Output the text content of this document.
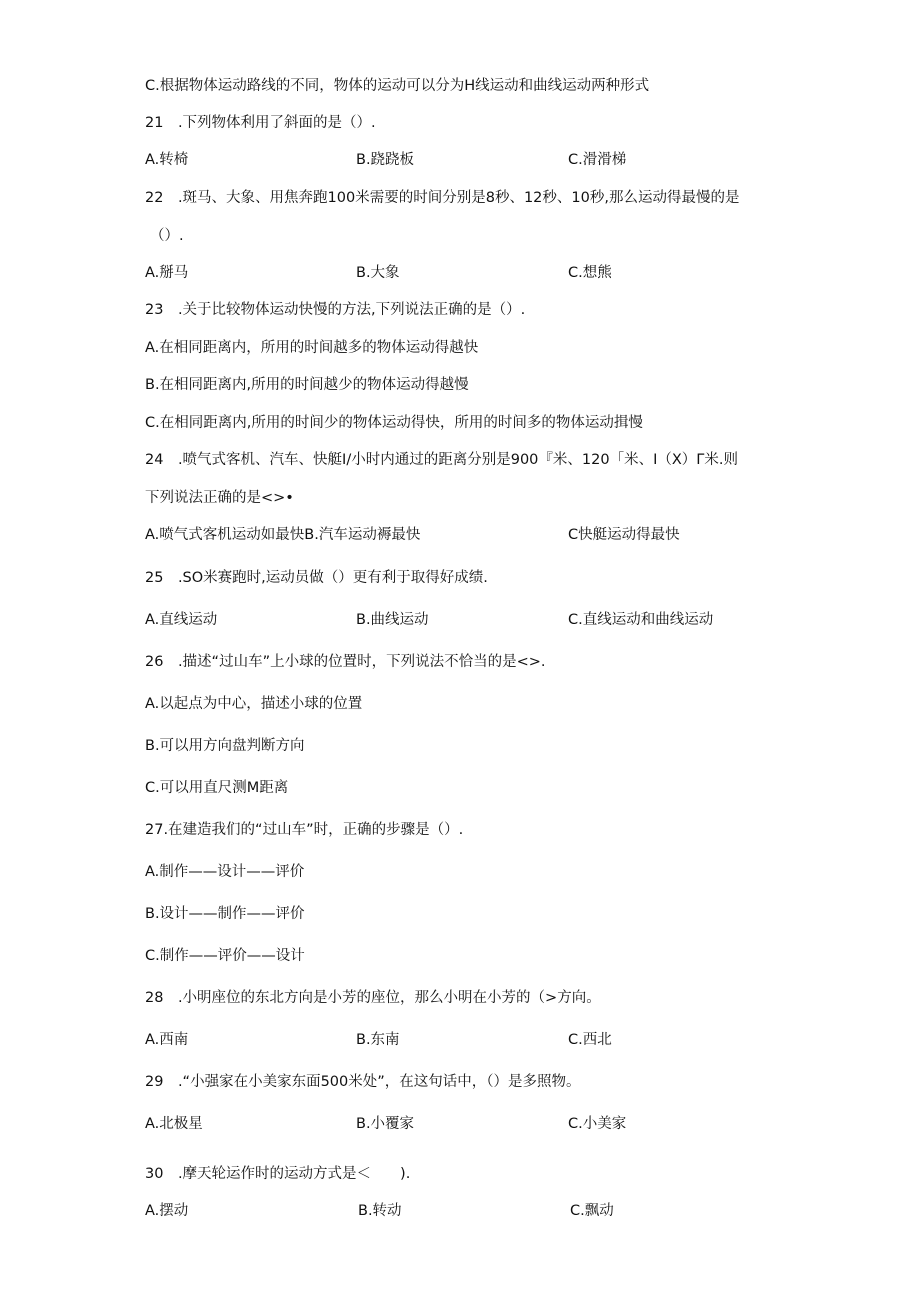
C.根据物体运动路线的不同，物体的运动可以分为H线运动和曲线运动两种形式
21　.下列物体利用了斜面的是（）.
A.转椅	B.跷跷板	C.滑滑梯
22　.斑马、大象、用焦奔跑100米需要的时间分别是8秒、12秒、10秒,那么运动得最慢的是
（）.
A.掰马	B.大象	C.想熊
23　.关于比较物体运动快慢的方法,下列说法正确的是（）.
A.在相同距离内，所用的时间越多的物体运动得越快
B.在相同距离内,所用的时间越少的物体运动得越慢
C.在相同距离内,所用的时间少的物体运动得快，所用的时间多的物体运动揖慢
24　.喷气式客机、汽车、快艇I/小时内通过的距离分别是900『米、120「米、I（X）Γ米.则
下列说法正确的是<>•
A.喷气式客机运动如最快B.汽车运动褥最快	C快艇运动得最快
25　.SO米赛跑时,运动员做（）更有利于取得好成绩.
A.直线运动	B.曲线运动	C.直线运动和曲线运动
26　.描述“过山车”上小球的位置时，下列说法不恰当的是<>.
A.以起点为中心，描述小球的位置
B.可以用方向盘判断方向
C.可以用直尺测M距离
27.在建造我们的“过山车”时，正确的步骤是（）.
A.制作——设计——评价
B.设计——制作——评价
C.制作——评价——设计
28　.小明座位的东北方向是小芳的座位，那么小明在小芳的（>方向。
A.西南	B.东南	C.西北
29　.“小强家在小美家东面500米处”，在这句话中，（）是多照物。
A.北极星	B.小覆家	C.小美家
30　.摩天轮运作时的运动方式是＜　　).
A.摆动	B.转动	C.飘动
